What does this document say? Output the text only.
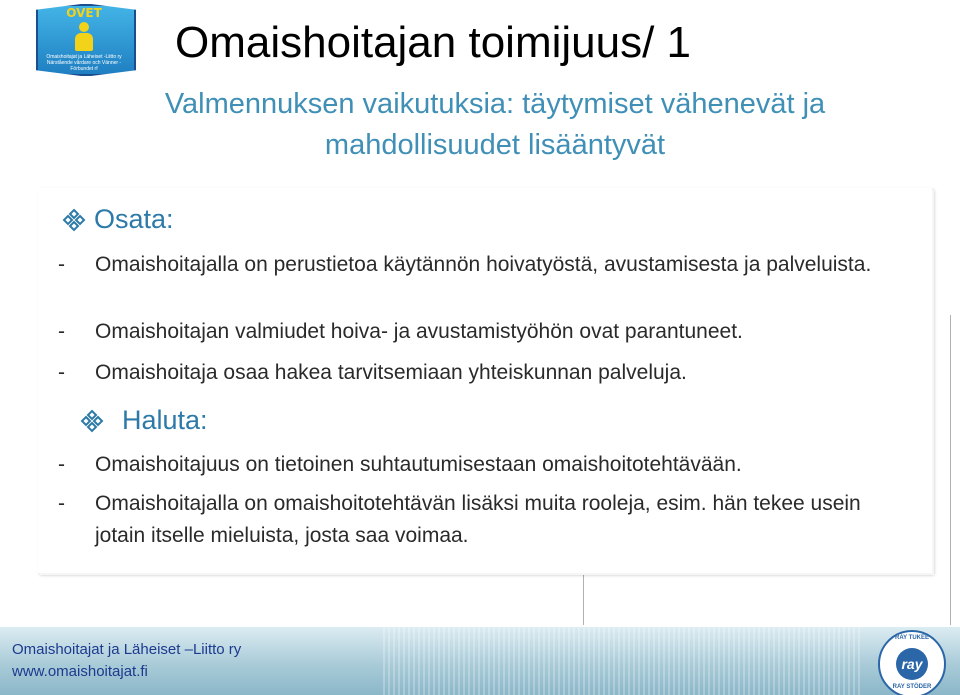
OVET
Omaishoitajat ja Läheiset -Liitto ry Närstående vårdare och Vänner -Förbundet rf
Omaishoitajan toimijuus/ 1
Valmennuksen vaikutuksia: täytymiset vähenevät ja
mahdollisuudet lisääntyvät
Osata:
- Omaishoitajalla on perustietoa käytännön hoivatyöstä, avustamisesta ja palveluista.
- Omaishoitajan valmiudet hoiva- ja avustamistyöhön ovat parantuneet.
- Omaishoitaja osaa hakea tarvitsemiaan yhteiskunnan palveluja.
Haluta:
- Omaishoitajuus on tietoinen suhtautumisestaan omaishoitotehtävään.
- Omaishoitajalla on omaishoitotehtävän lisäksi muita rooleja, esim. hän tekee usein jotain itselle mieluista, josta saa voimaa.
Omaishoitajat ja Läheiset –Liitto ry
www.omaishoitajat.fi
RAY TUKEE
ray
RAY STÖDER
